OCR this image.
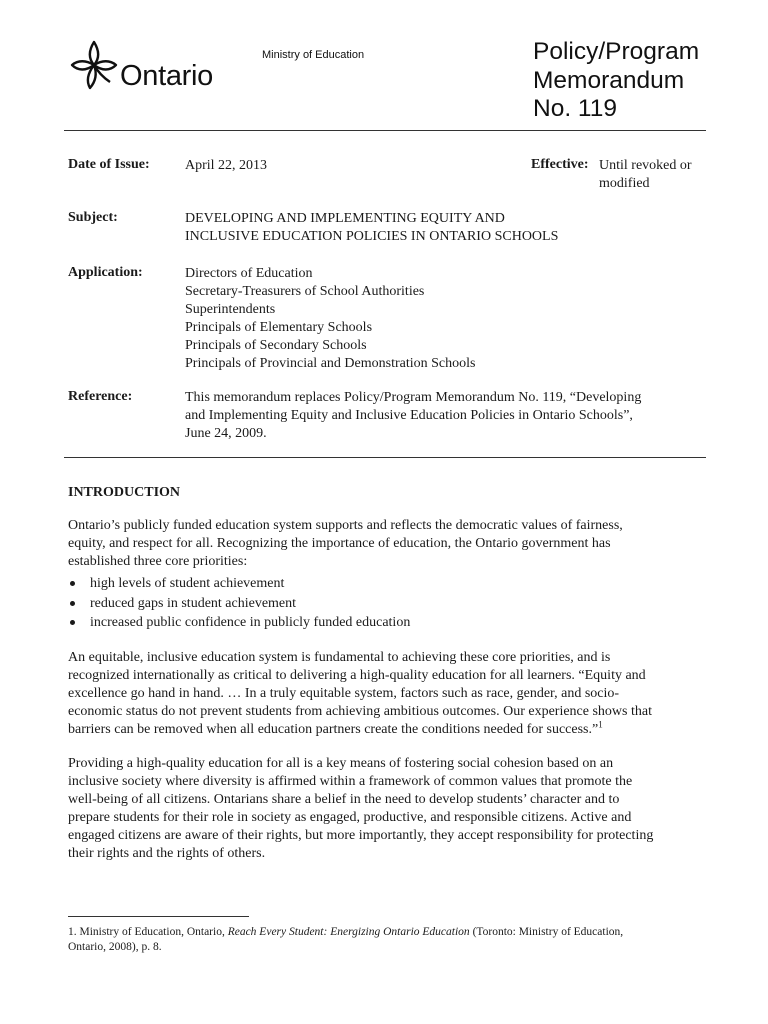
Ontario
Ministry of Education	Policy/Program
Memorandum
No. 119
Date of Issue:	April 22, 2013	Effective: Until revoked or
modified
Subject:	DEVELOPING AND IMPLEMENTING EQUITY AND
INCLUSIVE EDUCATION POLICIES IN ONTARIO SCHOOLS
Application:	Directors of Education
Secretary-Treasurers of School Authorities
Superintendents
Principals of Elementary Schools
Principals of Secondary Schools
Principals of Provincial and Demonstration Schools
Reference:	This memorandum replaces Policy/Program Memorandum No. 119, “Developing
and Implementing Equity and Inclusive Education Policies in Ontario Schools”,
June 24, 2009.
INTRODUCTION
Ontario’s publicly funded education system supports and reflects the democratic values of fairness,
equity, and respect for all. Recognizing the importance of education, the Ontario government has
established three core priorities:
high levels of student achievement
reduced gaps in student achievement
increased public confidence in publicly funded education
An equitable, inclusive education system is fundamental to achieving these core priorities, and is
recognized internationally as critical to delivering a high-quality education for all learners. “Equity and
excellence go hand in hand. … In a truly equitable system, factors such as race, gender, and socio-
economic status do not prevent students from achieving ambitious outcomes. Our experience shows that
barriers can be removed when all education partners create the conditions needed for success.”$^1$
Providing a high-quality education for all is a key means of fostering social cohesion based on an
inclusive society where diversity is affirmed within a framework of common values that promote the
well-being of all citizens. Ontarians share a belief in the need to develop students’ character and to
prepare students for their role in society as engaged, productive, and responsible citizens. Active and
engaged citizens are aware of their rights, but more importantly, they accept responsibility for protecting
their rights and the rights of others.
1. Ministry of Education, Ontario, Reach Every Student: Energizing Ontario Education (Toronto: Ministry of Education,
Ontario, 2008), p. 8.
